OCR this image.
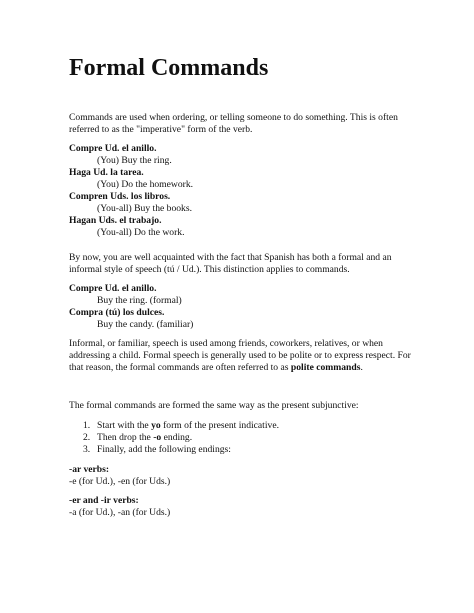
Formal Commands
Commands are used when ordering, or telling someone to do something. This is often
referred to as the "imperative" form of the verb.
Compre Ud. el anillo.
(You) Buy the ring.
Haga Ud. la tarea.
(You) Do the homework.
Compren Uds. los libros.
(You-all) Buy the books.
Hagan Uds. el trabajo.
(You-all) Do the work.
By now, you are well acquainted with the fact that Spanish has both a formal and an
informal style of speech (tú / Ud.). This distinction applies to commands.
Compre Ud. el anillo.
Buy the ring. (formal)
Compra (tú) los dulces.
Buy the candy. (familiar)
Informal, or familiar, speech is used among friends, coworkers, relatives, or when
addressing a child. Formal speech is generally used to be polite or to express respect. For
that reason, the formal commands are often referred to as polite commands.
The formal commands are formed the same way as the present subjunctive:
1. Start with the yo form of the present indicative.
2. Then drop the -o ending.
3. Finally, add the following endings:
-ar verbs:
-e (for Ud.), -en (for Uds.)
-er and -ir verbs:
-a (for Ud.), -an (for Uds.)
